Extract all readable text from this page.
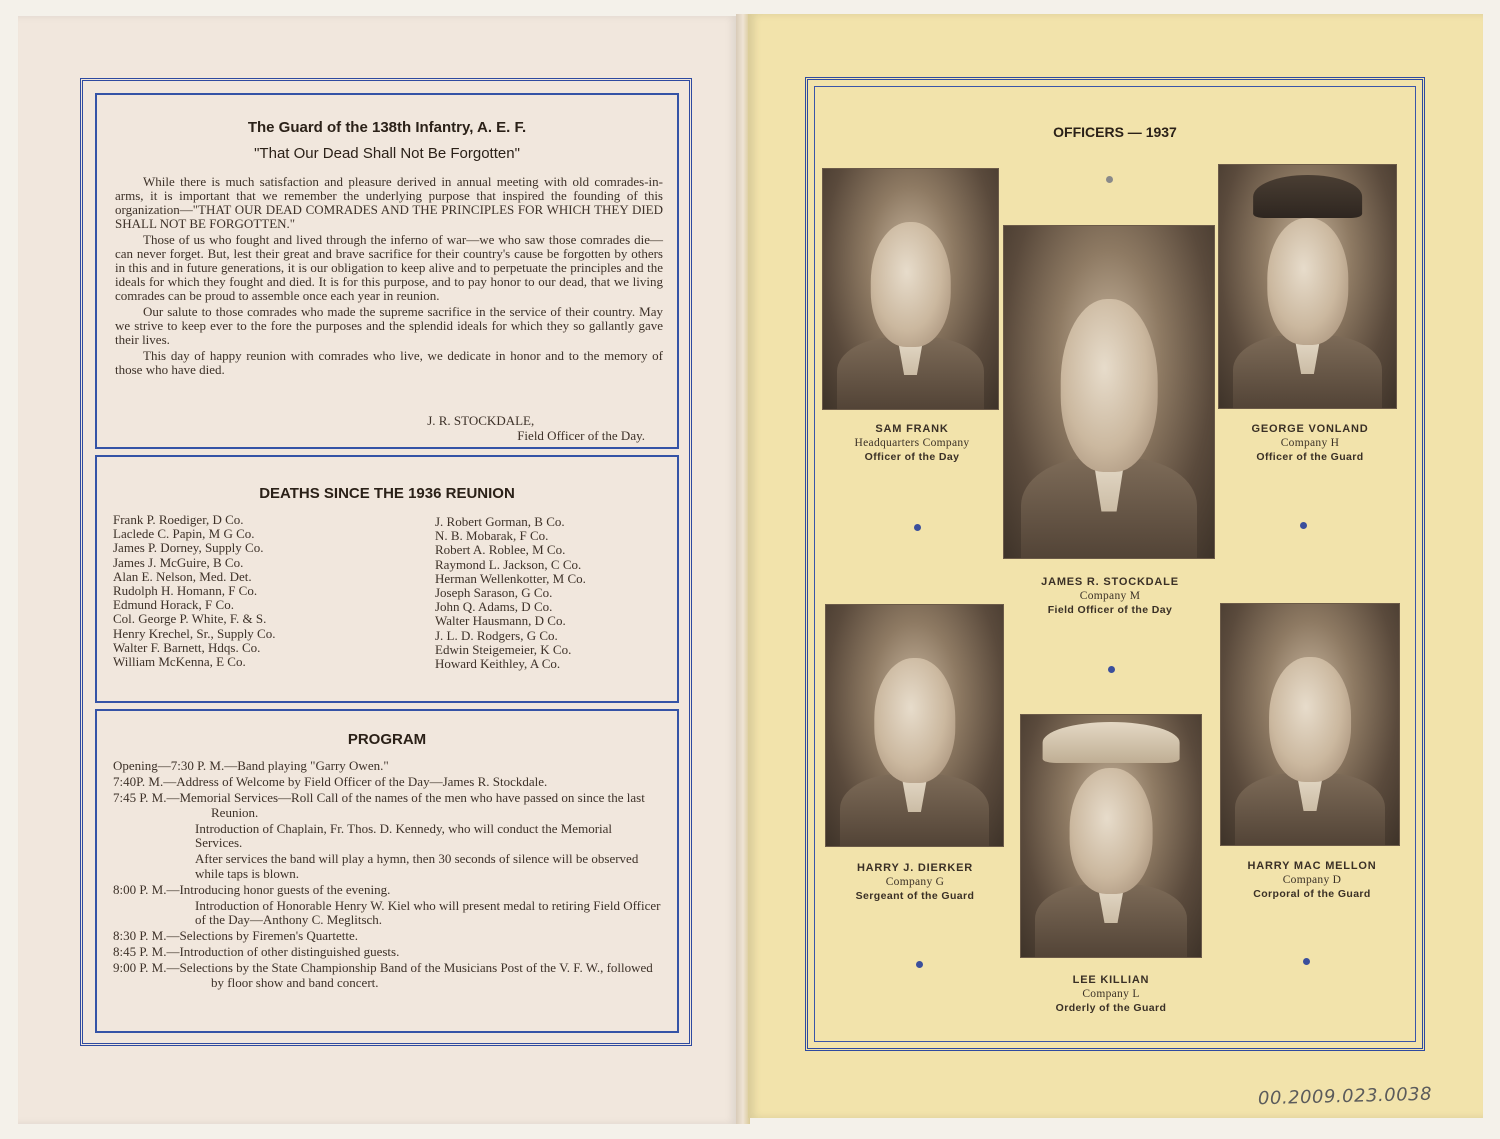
The Guard of the 138th Infantry, A. E. F.
"That Our Dead Shall Not Be Forgotten"

While there is much satisfaction and pleasure derived in annual meeting with old comrades-in-arms, it is important that we remember the underlying purpose that inspired the founding of this organization—"THAT OUR DEAD COMRADES AND THE PRINCIPLES FOR WHICH THEY DIED SHALL NOT BE FORGOTTEN."

Those of us who fought and lived through the inferno of war—we who saw those comrades die—can never forget. But, lest their great and brave sacrifice for their country's cause be forgotten by others in this and in future generations, it is our obligation to keep alive and to perpetuate the principles and the ideals for which they fought and died. It is for this purpose, and to pay honor to our dead, that we living comrades can be proud to assemble once each year in reunion.

Our salute to those comrades who made the supreme sacrifice in the service of their country. May we strive to keep ever to the fore the purposes and the splendid ideals for which they so gallantly gave their lives.

This day of happy reunion with comrades who live, we dedicate in honor and to the memory of those who have died.

J. R. STOCKDALE,
Field Officer of the Day.
DEATHS SINCE THE 1936 REUNION
Frank P. Roediger, D Co.
Laclede C. Papin, M G Co.
James P. Dorney, Supply Co.
James J. McGuire, B Co.
Alan E. Nelson, Med. Det.
Rudolph H. Homann, F Co.
Edmund Horack, F Co.
Col. George P. White, F. & S.
Henry Krechel, Sr., Supply Co.
Walter F. Barnett, Hdqs. Co.
William McKenna, E Co.
J. Robert Gorman, B Co.
N. B. Mobarak, F Co.
Robert A. Roblee, M Co.
Raymond L. Jackson, C Co.
Herman Wellenkotter, M Co.
Joseph Sarason, G Co.
John Q. Adams, D Co.
Walter Hausmann, D Co.
J. L. D. Rodgers, G Co.
Edwin Steigemeier, K Co.
Howard Keithley, A Co.
PROGRAM
Opening—7:30 P. M.—Band playing "Garry Owen."
7:40P. M.—Address of Welcome by Field Officer of the Day—James R. Stockdale.
7:45 P. M.—Memorial Services—Roll Call of the names of the men who have passed on since the last Reunion.
Introduction of Chaplain, Fr. Thos. D. Kennedy, who will conduct the Memorial Services.
After services the band will play a hymn, then 30 seconds of silence will be observed while taps is blown.
8:00 P. M.—Introducing honor guests of the evening.
Introduction of Honorable Henry W. Kiel who will present medal to retiring Field Officer of the Day—Anthony C. Meglitsch.
8:30 P. M.—Selections by Firemen's Quartette.
8:45 P. M.—Introduction of other distinguished guests.
9:00 P. M.—Selections by the State Championship Band of the Musicians Post of the V. F. W., followed by floor show and band concert.
OFFICERS — 1937
SAM FRANK
Headquarters Company
Officer of the Day
JAMES R. STOCKDALE
Company M
Field Officer of the Day
GEORGE VONLAND
Company H
Officer of the Guard
HARRY J. DIERKER
Company G
Sergeant of the Guard
LEE KILLIAN
Company L
Orderly of the Guard
HARRY MAC MELLON
Company D
Corporal of the Guard
00.2009.023.0038
